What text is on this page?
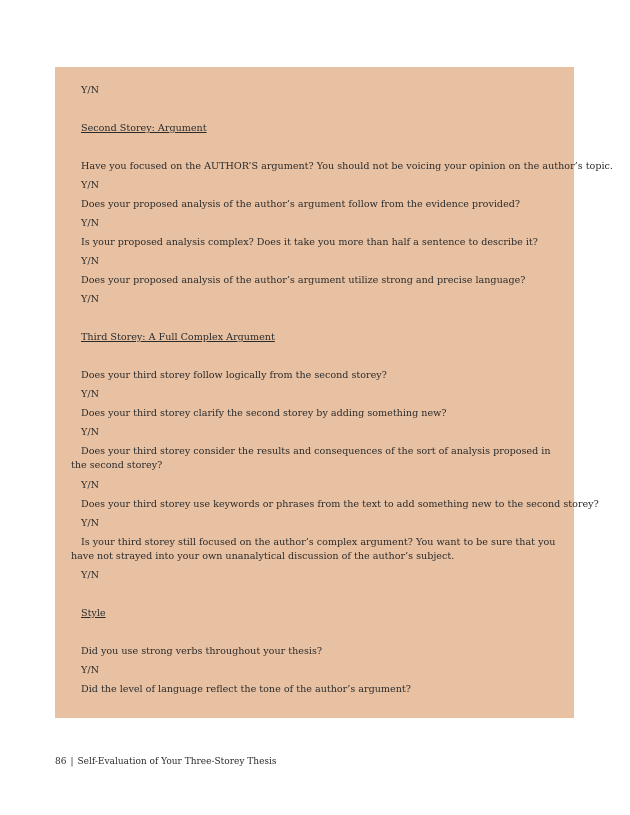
Y/N
Second Storey: Argument
Have you focused on the AUTHOR’S argument? You should not be voicing your opinion on the author’s topic.
Y/N
Does your proposed analysis of the author’s argument follow from the evidence provided?
Y/N
Is your proposed analysis complex? Does it take you more than half a sentence to describe it?
Y/N
Does your proposed analysis of the author’s argument utilize strong and precise language?
Y/N
Third Storey: A Full Complex Argument
Does your third storey follow logically from the second storey?
Y/N
Does your third storey clarify the second storey by adding something new?
Y/N
Does your third storey consider the results and consequences of the sort of analysis proposed in the second storey?
Y/N
Does your third storey use keywords or phrases from the text to add something new to the second storey?
Y/N
Is your third storey still focused on the author’s complex argument? You want to be sure that you have not strayed into your own unanalytical discussion of the author’s subject.
Y/N
Style
Did you use strong verbs throughout your thesis?
Y/N
Did the level of language reflect the tone of the author’s argument?
86 | Self-Evaluation of Your Three-Storey Thesis
